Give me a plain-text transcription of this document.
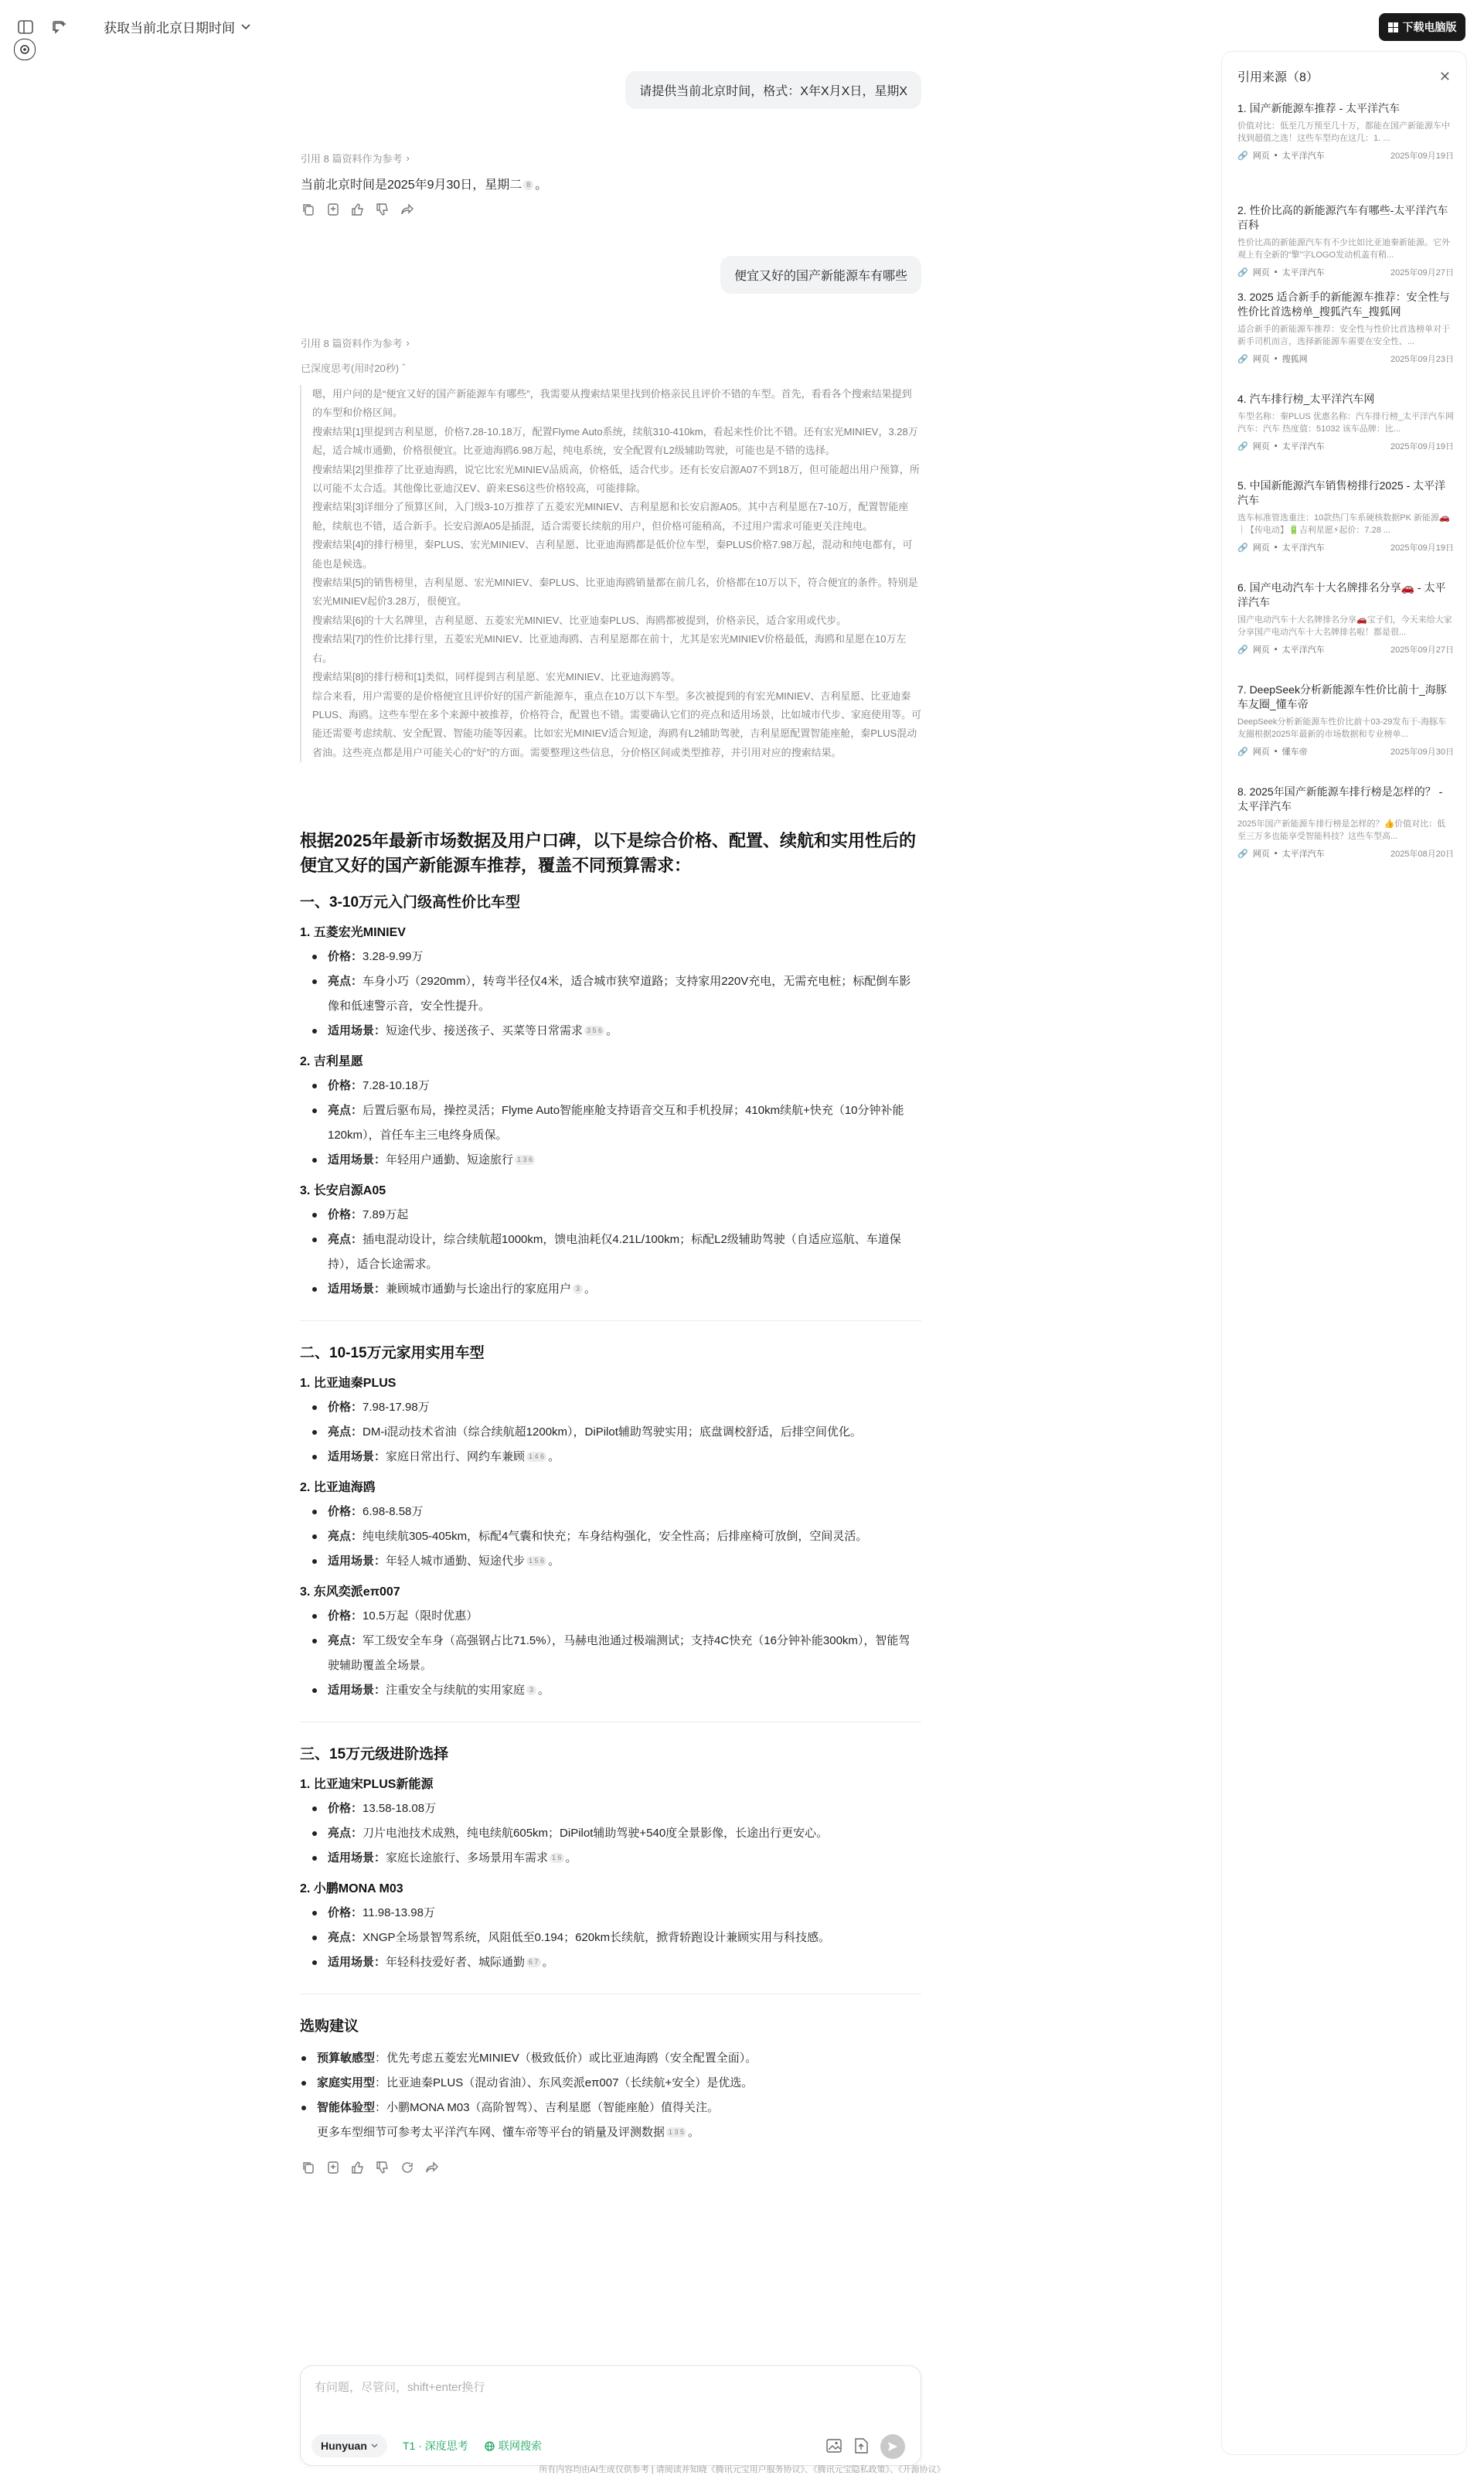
获取当前北京日期时间	下载电脑版
请提供当前北京时间，格式：X年X月X日，星期X
引用 8 篇资料作为参考 ›
当前北京时间是2025年9月30日，星期二 8 。
便宜又好的国产新能源车有哪些
引用 8 篇资料作为参考 ›
已深度思考(用时20秒) ˆ

嗯，用户问的是“便宜又好的国产新能源车有哪些”，我需要从搜索结果里找到价格亲民且评价不错的车型。首先，看看各个搜索结果提到的车型和价格区间。

搜索结果[1]里提到吉利星愿，价格7.28-10.18万，配置Flyme Auto系统，续航310-410km，看起来性价比不错。还有宏光MINIEV，3.28万起，适合城市通勤，价格很便宜。比亚迪海鸥6.98万起，纯电系统，安全配置有L2级辅助驾驶，可能也是不错的选择。

搜索结果[2]里推荐了比亚迪海鸥，说它比宏光MINIEV品质高，价格低，适合代步。还有长安启源A07不到18万，但可能超出用户预算，所以可能不太合适。其他像比亚迪汉EV、蔚来ES6这些价格较高，可能排除。

搜索结果[3]详细分了预算区间，入门级3-10万推荐了五菱宏光MINIEV、吉利星愿和长安启源A05。其中吉利星愿在7-10万，配置智能座舱，续航也不错，适合新手。长安启源A05是插混，适合需要长续航的用户，但价格可能稍高，不过用户需求可能更关注纯电。

搜索结果[4]的排行榜里，秦PLUS、宏光MINIEV、吉利星愿、比亚迪海鸥都是低价位车型，秦PLUS价格7.98万起，混动和纯电都有，可能也是候选。

搜索结果[5]的销售榜里，吉利星愿、宏光MINIEV、秦PLUS、比亚迪海鸥销量都在前几名，价格都在10万以下，符合便宜的条件。特别是宏光MINIEV起价3.28万，很便宜。

搜索结果[6]的十大名牌里，吉利星愿、五菱宏光MINIEV、比亚迪秦PLUS、海鸥都被提到，价格亲民，适合家用或代步。

搜索结果[7]的性价比排行里，五菱宏光MINIEV、比亚迪海鸥、吉利星愿都在前十，尤其是宏光MINIEV价格最低，海鸥和星愿在10万左右。

搜索结果[8]的排行榜和[1]类似，同样提到吉利星愿、宏光MINIEV、比亚迪海鸥等。

综合来看，用户需要的是价格便宜且评价好的国产新能源车，重点在10万以下车型。多次被提到的有宏光MINIEV、吉利星愿、比亚迪秦PLUS、海鸥。这些车型在多个来源中被推荐，价格符合，配置也不错。需要确认它们的亮点和适用场景，比如城市代步、家庭使用等。可能还需要考虑续航、安全配置、智能功能等因素。比如宏光MINIEV适合短途，海鸥有L2辅助驾驶，吉利星愿配置智能座舱，秦PLUS混动省油。这些亮点都是用户可能关心的“好”的方面。需要整理这些信息，分价格区间或类型推荐，并引用对应的搜索结果。

根据2025年最新市场数据及用户口碑，以下是综合价格、配置、续航和实用性后的便宜又好的国产新能源车推荐，覆盖不同预算需求：
一、3-10万元入门级高性价比车型
1. 五菱宏光MINIEV
价格：3.28-9.99万
亮点：车身小巧（2920mm），转弯半径仅4米，适合城市狭窄道路；支持家用220V充电，无需充电桩；标配倒车影像和低速警示音，安全性提升。
适用场景：短途代步、接送孩子、买菜等日常需求 3 5 6 。
2. 吉利星愿
价格：7.28-10.18万
亮点：后置后驱布局，操控灵活；Flyme Auto智能座舱支持语音交互和手机投屏；410km续航+快充（10分钟补能120km），首任车主三电终身质保。
适用场景：年轻用户通勤、短途旅行 1 3 6
3. 长安启源A05
价格：7.89万起
亮点：插电混动设计，综合续航超1000km，馈电油耗仅4.21L/100km；标配L2级辅助驾驶（自适应巡航、车道保持），适合长途需求。
适用场景：兼顾城市通勤与长途出行的家庭用户 3 。
二、10-15万元家用实用车型
1. 比亚迪秦PLUS
价格：7.98-17.98万
亮点：DM-i混动技术省油（综合续航超1200km），DiPilot辅助驾驶实用；底盘调校舒适，后排空间优化。
适用场景：家庭日常出行、网约车兼顾 1 4 6 。
2. 比亚迪海鸥
价格：6.98-8.58万
亮点：纯电续航305-405km，标配4气囊和快充；车身结构强化，安全性高；后排座椅可放倒，空间灵活。
适用场景：年轻人城市通勤、短途代步 1 5 6 。
3. 东风奕派eπ007
价格：10.5万起（限时优惠）
亮点：军工级安全车身（高强钢占比71.5%），马赫电池通过极端测试；支持4C快充（16分钟补能300km），智能驾驶辅助覆盖全场景。
适用场景：注重安全与续航的实用家庭 3 。
三、15万元级进阶选择
1. 比亚迪宋PLUS新能源
价格：13.58-18.08万
亮点：刀片电池技术成熟，纯电续航605km；DiPilot辅助驾驶+540度全景影像，长途出行更安心。
适用场景：家庭长途旅行、多场景用车需求 1 6 。
2. 小鹏MONA M03
价格：11.98-13.98万
亮点：XNGP全场景智驾系统，风阻低至0.194；620km长续航，掀背轿跑设计兼顾实用与科技感。
适用场景：年轻科技爱好者、城际通勤 6 7 。
选购建议
预算敏感型：优先考虑五菱宏光MINIEV（极致低价）或比亚迪海鸥（安全配置全面）。
家庭实用型：比亚迪秦PLUS（混动省油）、东风奕派eπ007（长续航+安全）是优选。
智能体验型：小鹏MONA M03（高阶智驾）、吉利星愿（智能座舱）值得关注。
更多车型细节可参考太平洋汽车网、懂车帝等平台的销量及评测数据 1 3 5 。
有问题，尽管问，shift+enter换行
Hunyuan	T1 · 深度思考	联网搜索
所有内容均由AI生成仅供参考 | 请阅读并知晓《腾讯元宝用户服务协议》、《腾讯元宝隐私政策》、《开源协议》
引用来源（8）	✕
1. 国产新能源车推荐 - 太平洋汽车
价值对比：低至几万预至几十万，都能在国产新能源车中找到超值之选！这些车型均在这几：1. ...
🔗 网页 ▪ 太平洋汽车	2025年09月19日
2. 性价比高的新能源汽车有哪些-太平洋汽车百科
性价比高的新能源汽车有不少比如比亚迪秦新能源。它外观上有全新的“擎”字LOGO发动机盖有稍...
🔗 网页 ▪ 太平洋汽车	2025年09月27日
3. 2025 适合新手的新能源车推荐：安全性与性价比首选榜单_搜狐汽车_搜狐网
适合新手的新能源车推荐：安全性与性价比首选榜单对于新手司机而言，选择新能源车需要在安全性、...
🔗 网页 ▪ 搜狐网	2025年09月23日
4. 汽车排行榜_太平洋汽车网
车型名称：秦PLUS 优惠名称：汽车排行榜_太平洋汽车网 汽车：汽车 热度值：51032 该车品牌：比...
🔗 网页 ▪ 太平洋汽车	2025年09月19日
5. 中国新能源汽车销售榜排行2025 - 太平洋汽车
选车标准管选重注：10款热门车系硬核数据PK 新能源🚗｜【传电动】🔋吉利星愿⚡起价：7.28 ...
🔗 网页 ▪ 太平洋汽车	2025年09月19日
6. 国产电动汽车十大名牌排名分享🚗 - 太平洋汽车
国产电动汽车十大名牌排名分享🚗宝子们，今天来给大家分享国产电动汽车十大名牌排名啦！都是很...
🔗 网页 ▪ 太平洋汽车	2025年09月27日
7. DeepSeek分析新能源车性价比前十_海豚车友圈_懂车帝
DeepSeek分析新能源车性价比前十03-29发布于-海豚车友圈根据2025年最新的市场数据和专业榜单...
🔗 网页 ▪ 懂车帝	2025年09月30日
8. 2025年国产新能源车排行榜是怎样的？ - 太平洋汽车
2025年国产新能源车排行榜是怎样的？👍价值对比：低至三万多也能享受智能科技？这些车型高...
🔗 网页 ▪ 太平洋汽车	2025年08月20日
